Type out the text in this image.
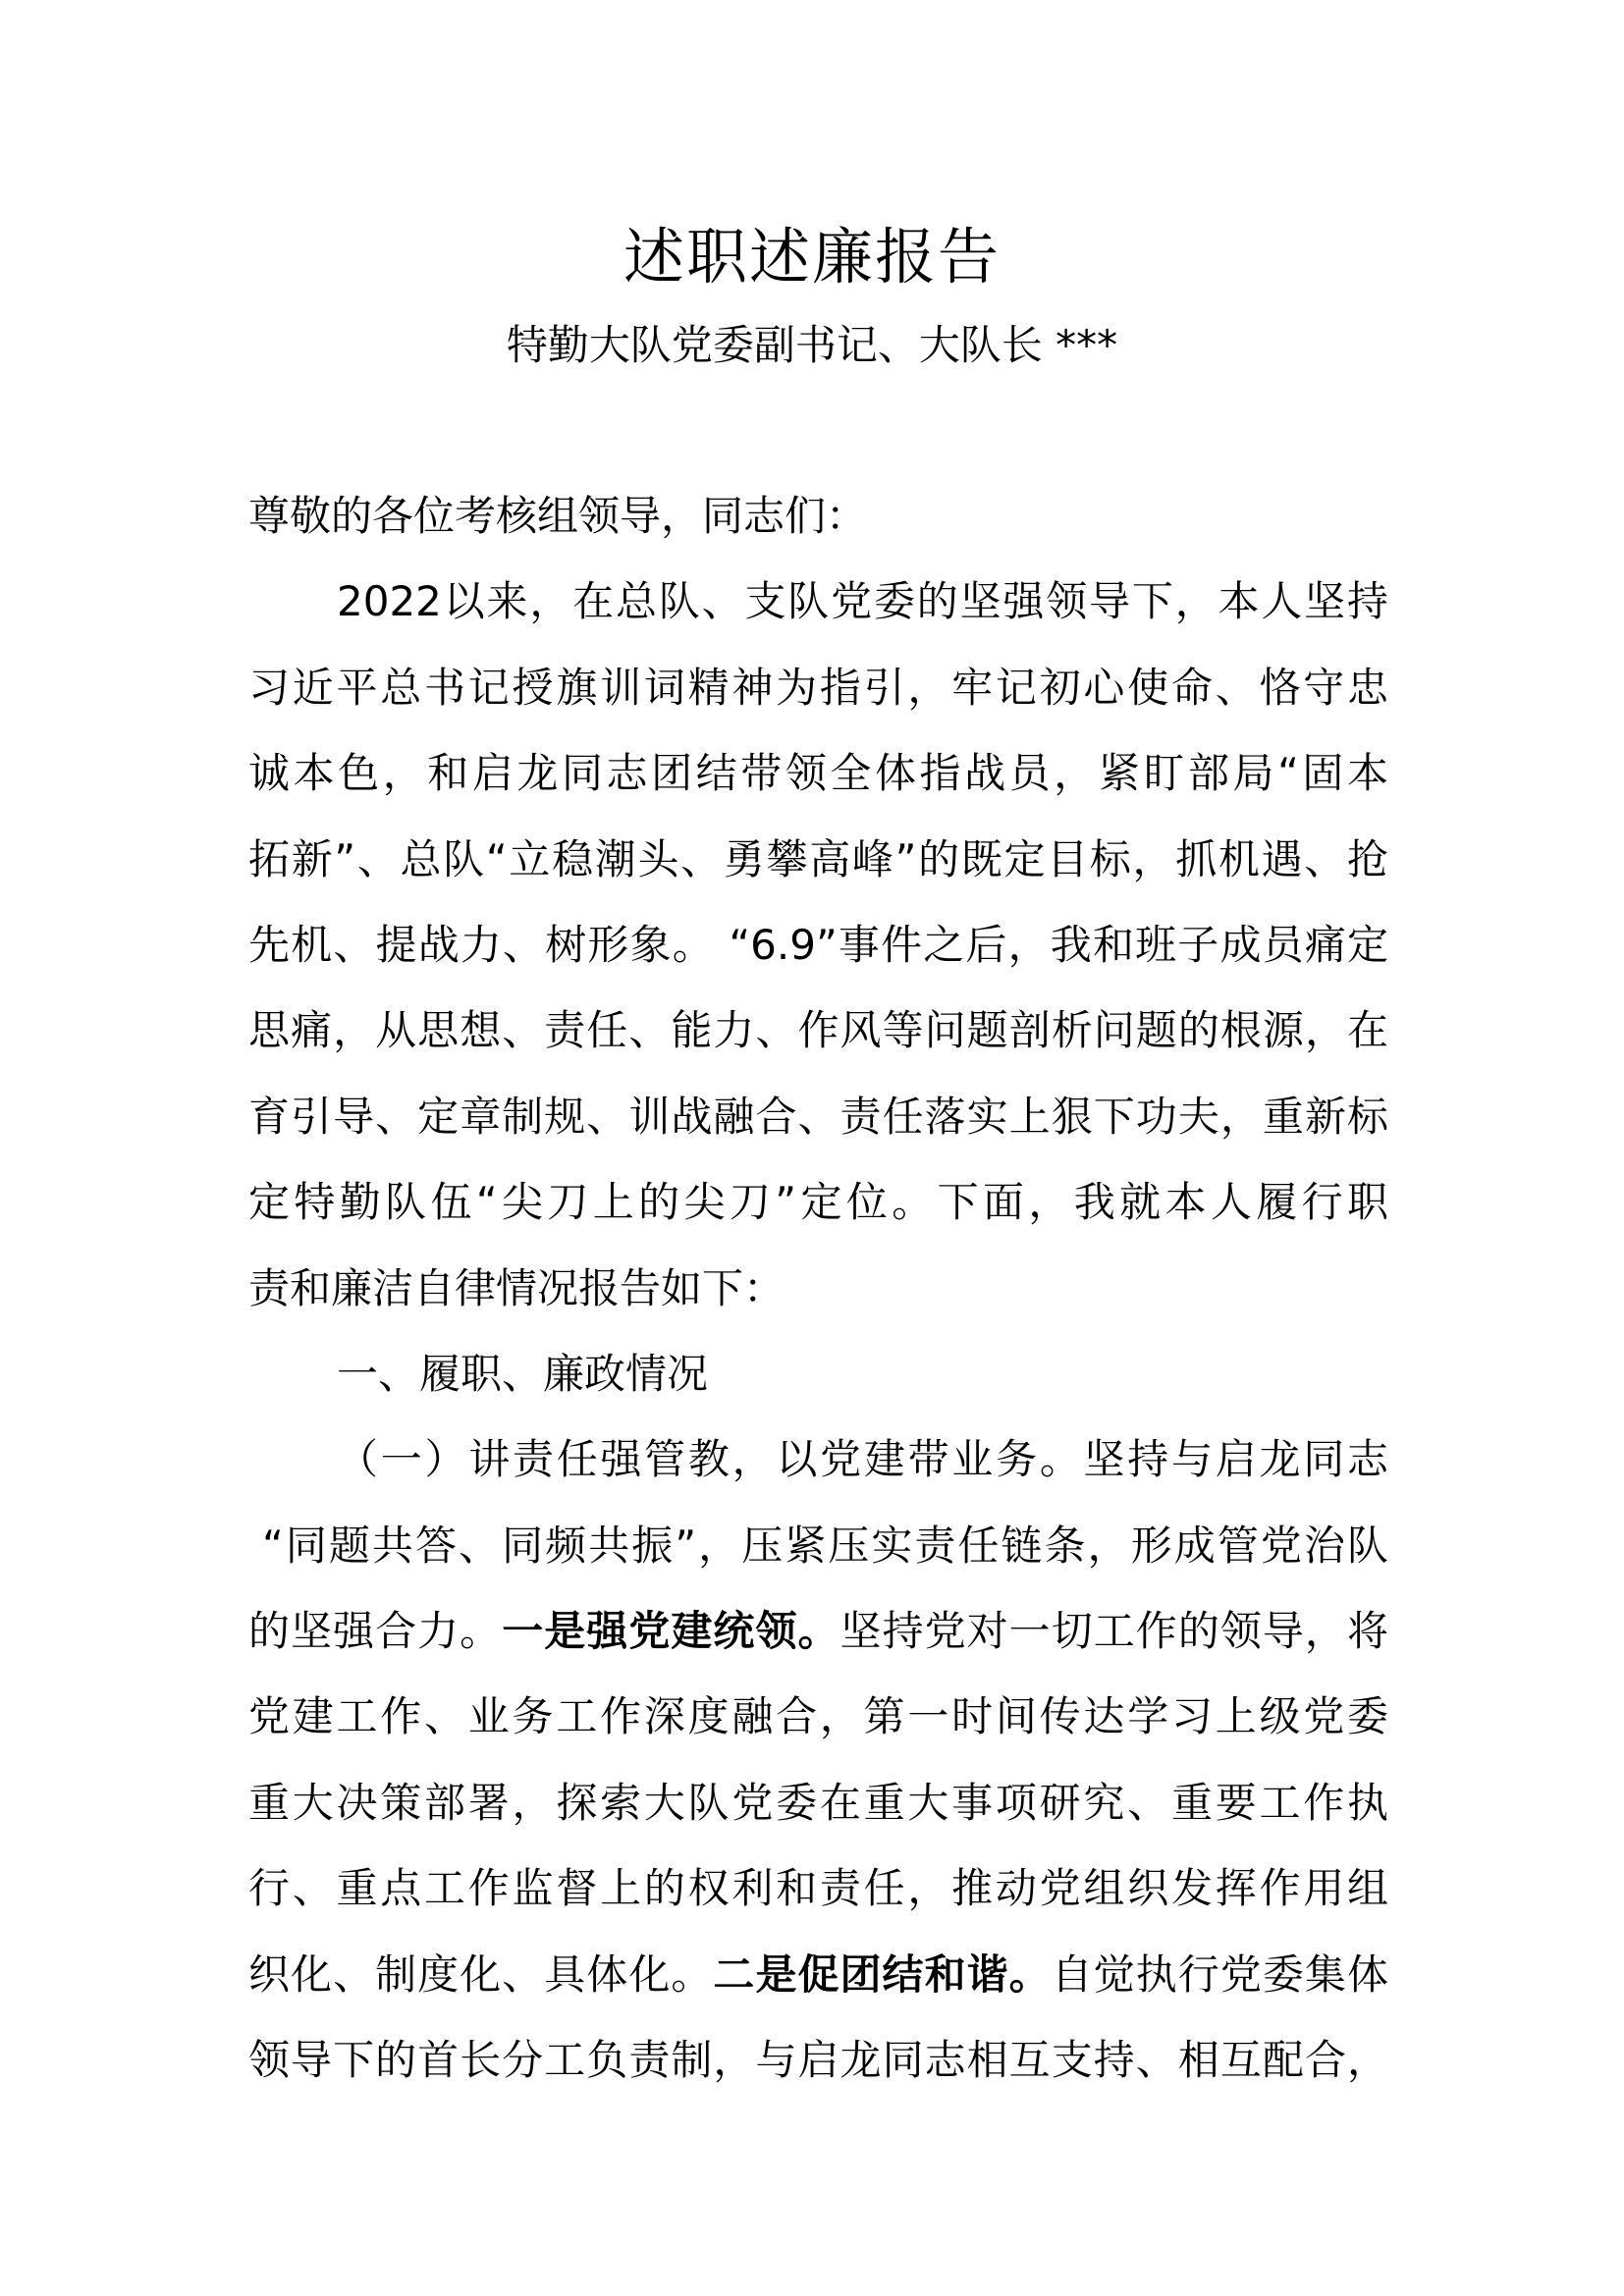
述职述廉报告
特勤大队党委副书记、大队长 ***
尊敬的各位考核组领导，同志们：
2022以来，在总队、支队党委的坚强领导下，本人坚持
习近平总书记授旗训词精神为指引，牢记初心使命、恪守忠
诚本色，和启龙同志团结带领全体指战员，紧盯部局“固本
拓新”、总队“立稳潮头、勇攀高峰”的既定目标，抓机遇、抢
先机、提战力、树形象。 “6.9”事件之后，我和班子成员痛定
思痛，从思想、责任、能力、作风等问题剖析问题的根源，在
育引导、定章制规、训战融合、责任落实上狠下功夫，重新标
定特勤队伍“尖刀上的尖刀”定位。下面，我就本人履行职
责和廉洁自律情况报告如下：
一、履职、廉政情况
（一）讲责任强管教，以党建带业务。坚持与启龙同志
“同题共答、同频共振”，压紧压实责任链条，形成管党治队
的坚强合力。一是强党建统领。坚持党对一切工作的领导，将
党建工作、业务工作深度融合，第一时间传达学习上级党委
重大决策部署，探索大队党委在重大事项研究、重要工作执
行、重点工作监督上的权利和责任，推动党组织发挥作用组
织化、制度化、具体化。二是促团结和谐。自觉执行党委集体
领导下的首长分工负责制，与启龙同志相互支持、相互配合，
